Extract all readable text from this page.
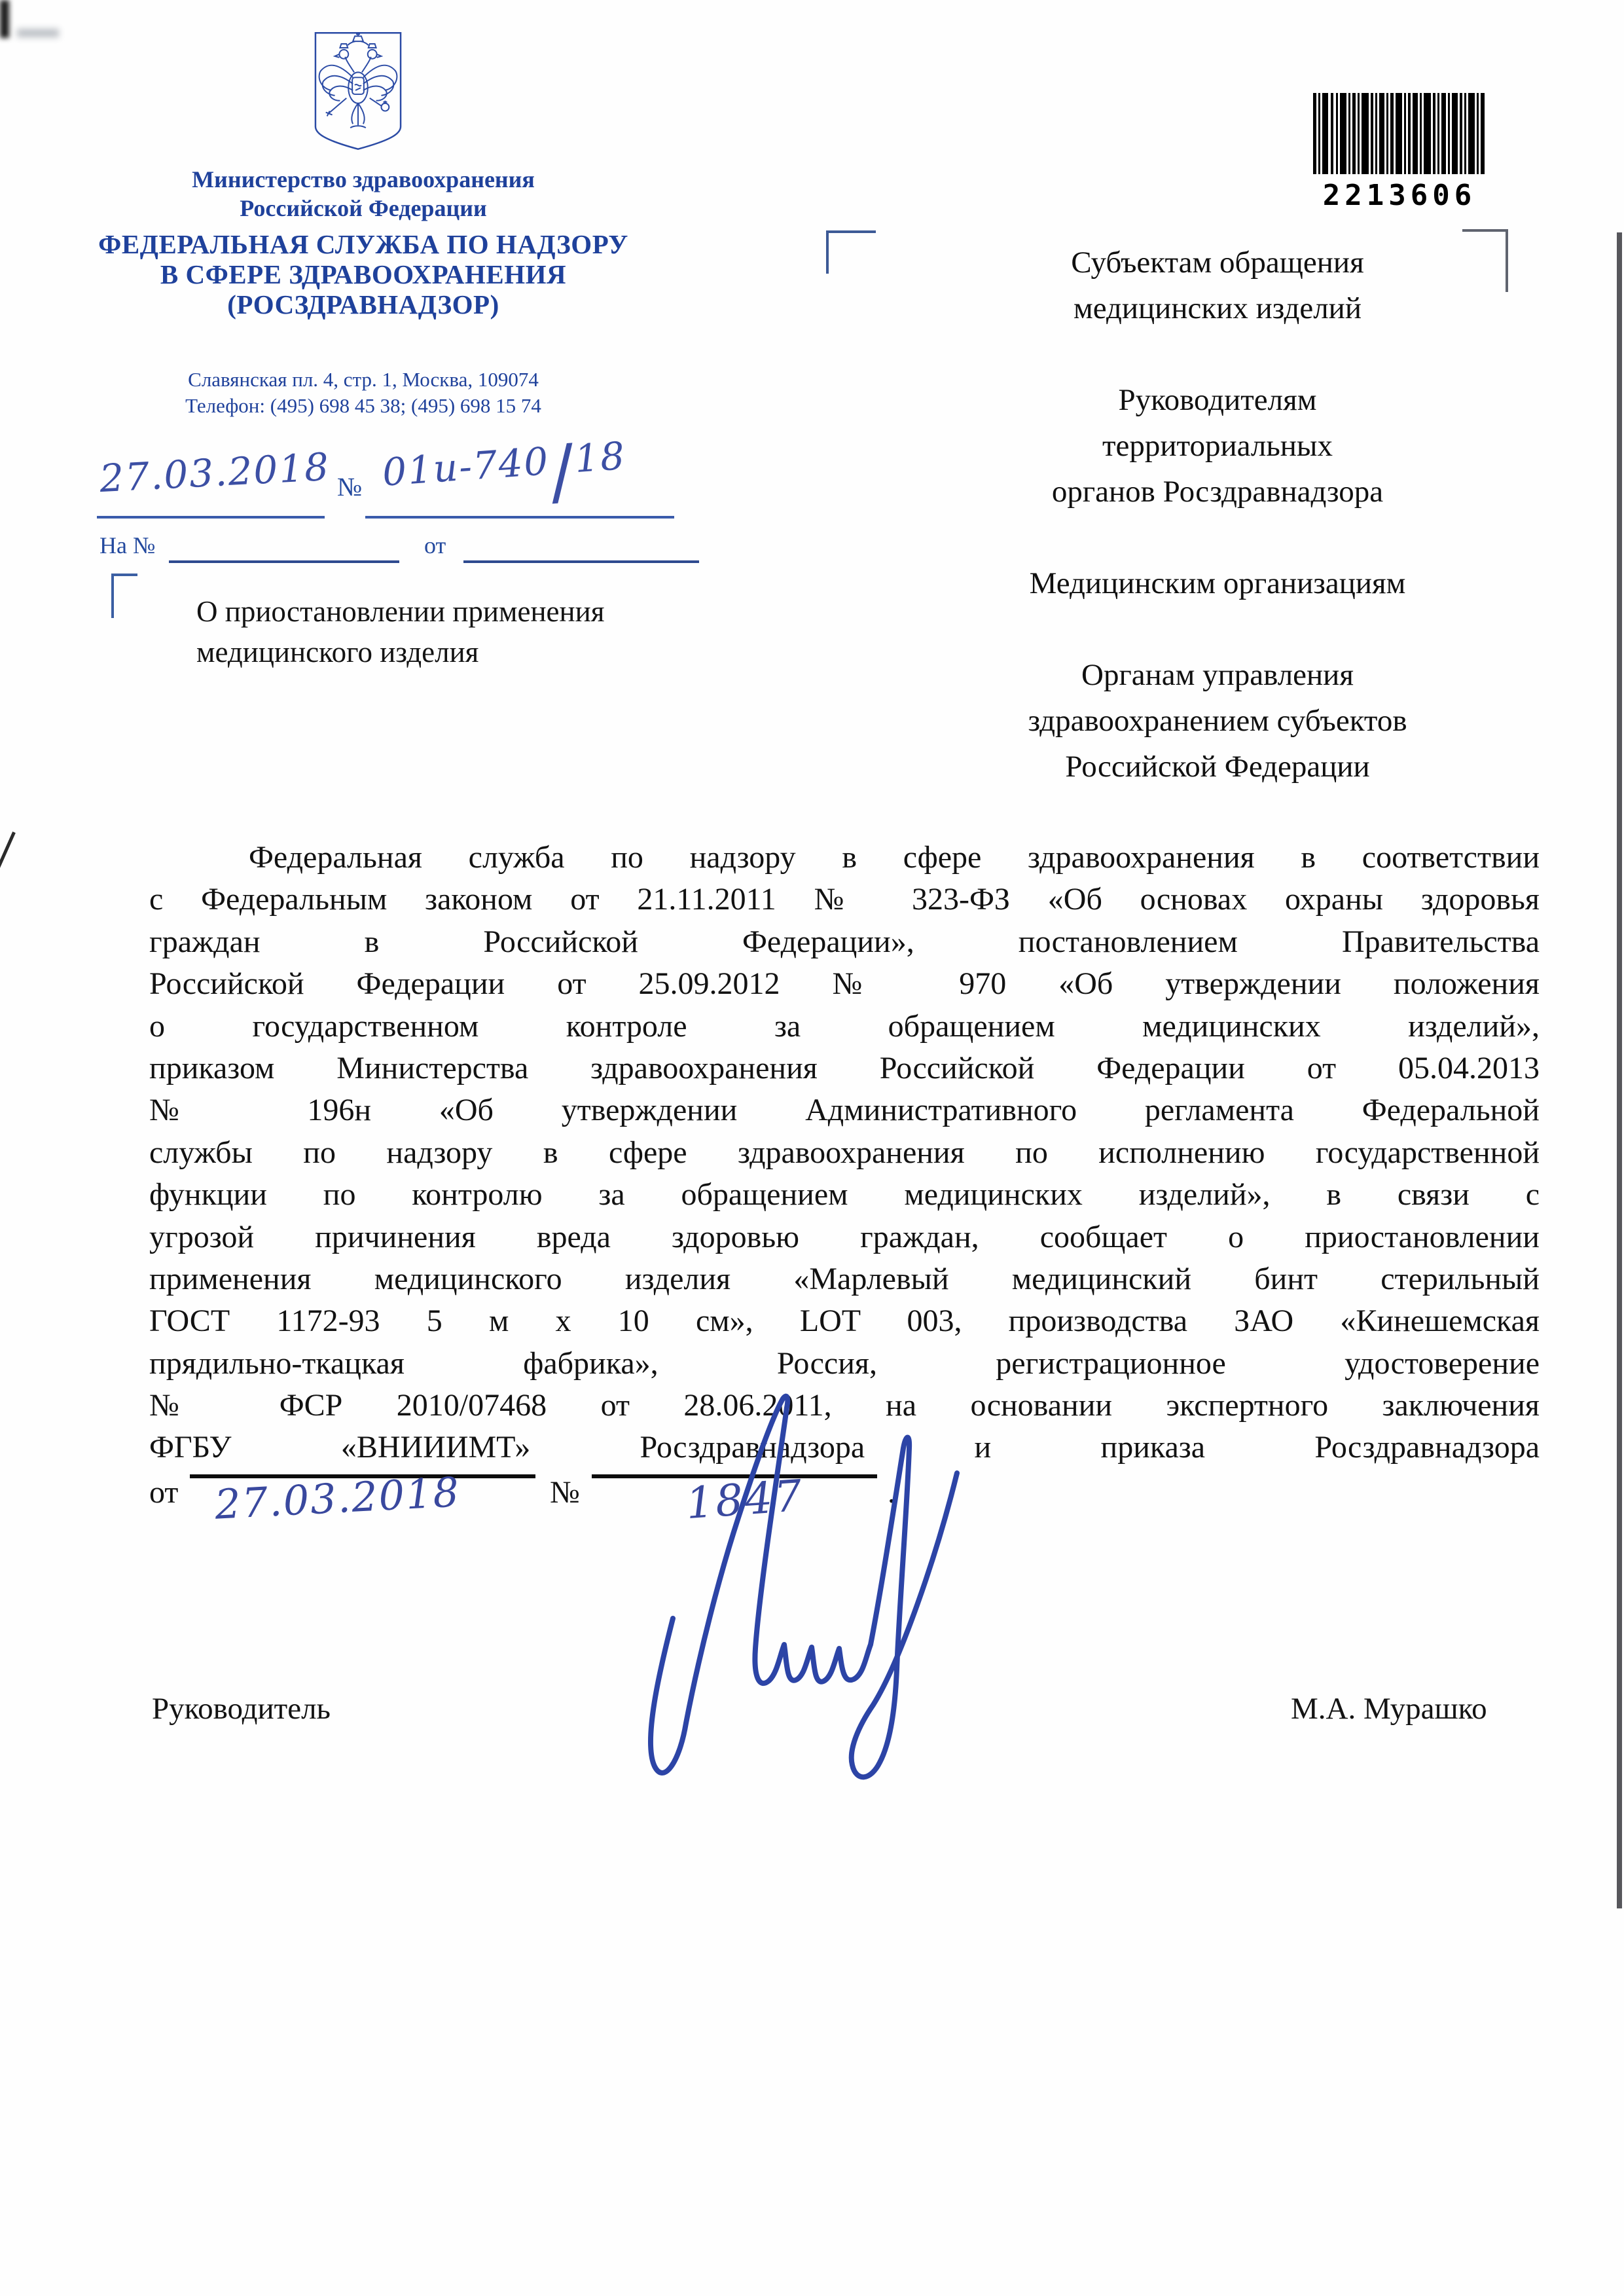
Министерство здравоохранения
Российской Федерации
ФЕДЕРАЛЬНАЯ СЛУЖБА ПО НАДЗОРУ
В СФЕРЕ ЗДРАВООХРАНЕНИЯ
(РОСЗДРАВНАДЗОР)
Славянская пл. 4, стр. 1, Москва, 109074
Телефон: (495) 698 45 38; (495) 698 15 74
27.03.2018 № 01и-740/18
На №	от
О приостановлении применения
медицинского изделия
2213606
Субъектам обращения
медицинских изделий
Руководителям
территориальных
органов Росздравнадзора
Медицинским организациям
Органам управления
здравоохранением субъектов
Российской Федерации
Федеральная служба по надзору в сфере здравоохранения в соответствии
с Федеральным законом от 21.11.2011 № 323-ФЗ «Об основах охраны здоровья
граждан в Российской Федерации», постановлением Правительства
Российской Федерации от 25.09.2012 № 970 «Об утверждении положения
о государственном контроле за обращением медицинских изделий»,
приказом Министерства здравоохранения Российской Федерации от 05.04.2013
№ 196н «Об утверждении Административного регламента Федеральной
службы по надзору в сфере здравоохранения по исполнению государственной
функции по контролю за обращением медицинских изделий», в связи с
угрозой причинения вреда здоровью граждан, сообщает о приостановлении
применения медицинского изделия «Марлевый медицинский бинт стерильный
ГОСТ 1172-93 5 м х 10 см», LOT 003, производства ЗАО «Кинешемская
прядильно-ткацкая фабрика», Россия, регистрационное удостоверение
№ ФСР 2010/07468 от 28.06.2011, на основании экспертного заключения
ФГБУ «ВНИИИМТ» Росздравнадзора и приказа Росздравнадзора
от 27.03.2018	№ 1847	.
Руководитель	М.А. Мурашко
